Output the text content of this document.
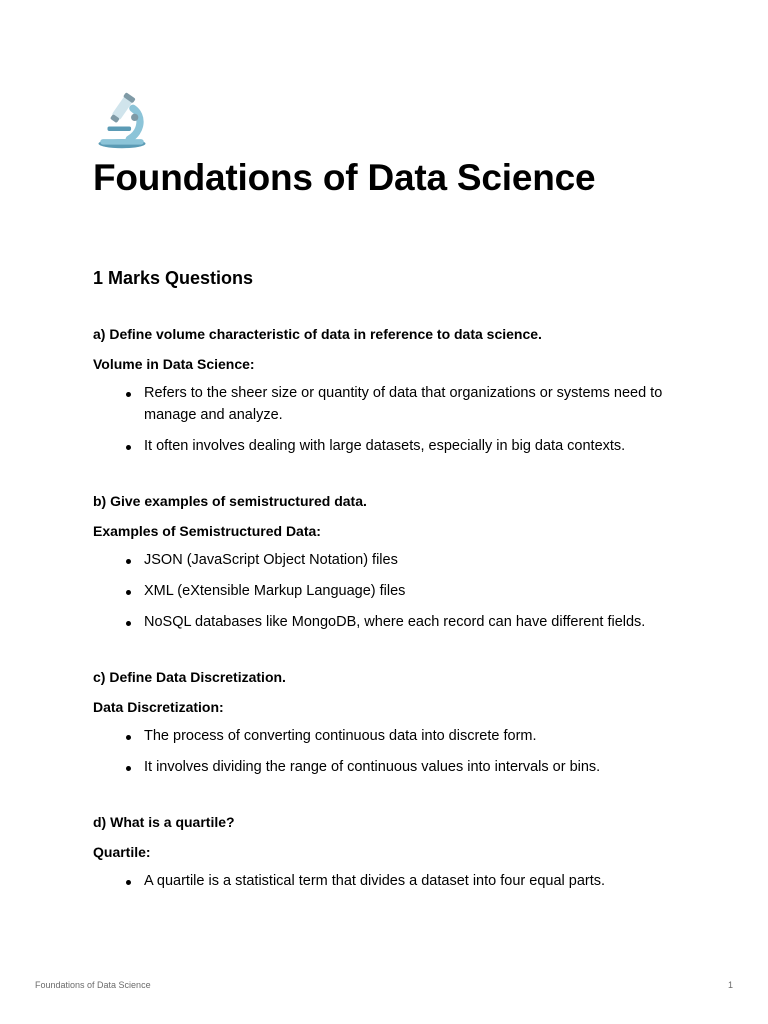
Foundations of Data Science
1 Marks Questions

a) Define volume characteristic of data in reference to data science.

Volume in Data Science:

Refers to the sheer size or quantity of data that organizations or systems need to manage and analyze.
It often involves dealing with large datasets, especially in big data contexts.

b) Give examples of semistructured data.

Examples of Semistructured Data:

JSON (JavaScript Object Notation) files
XML (eXtensible Markup Language) files
NoSQL databases like MongoDB, where each record can have different fields.

c) Define Data Discretization.

Data Discretization:

The process of converting continuous data into discrete form.
It involves dividing the range of continuous values into intervals or bins.

d) What is a quartile?

Quartile:

A quartile is a statistical term that divides a dataset into four equal parts.
Foundations of Data Science	1
